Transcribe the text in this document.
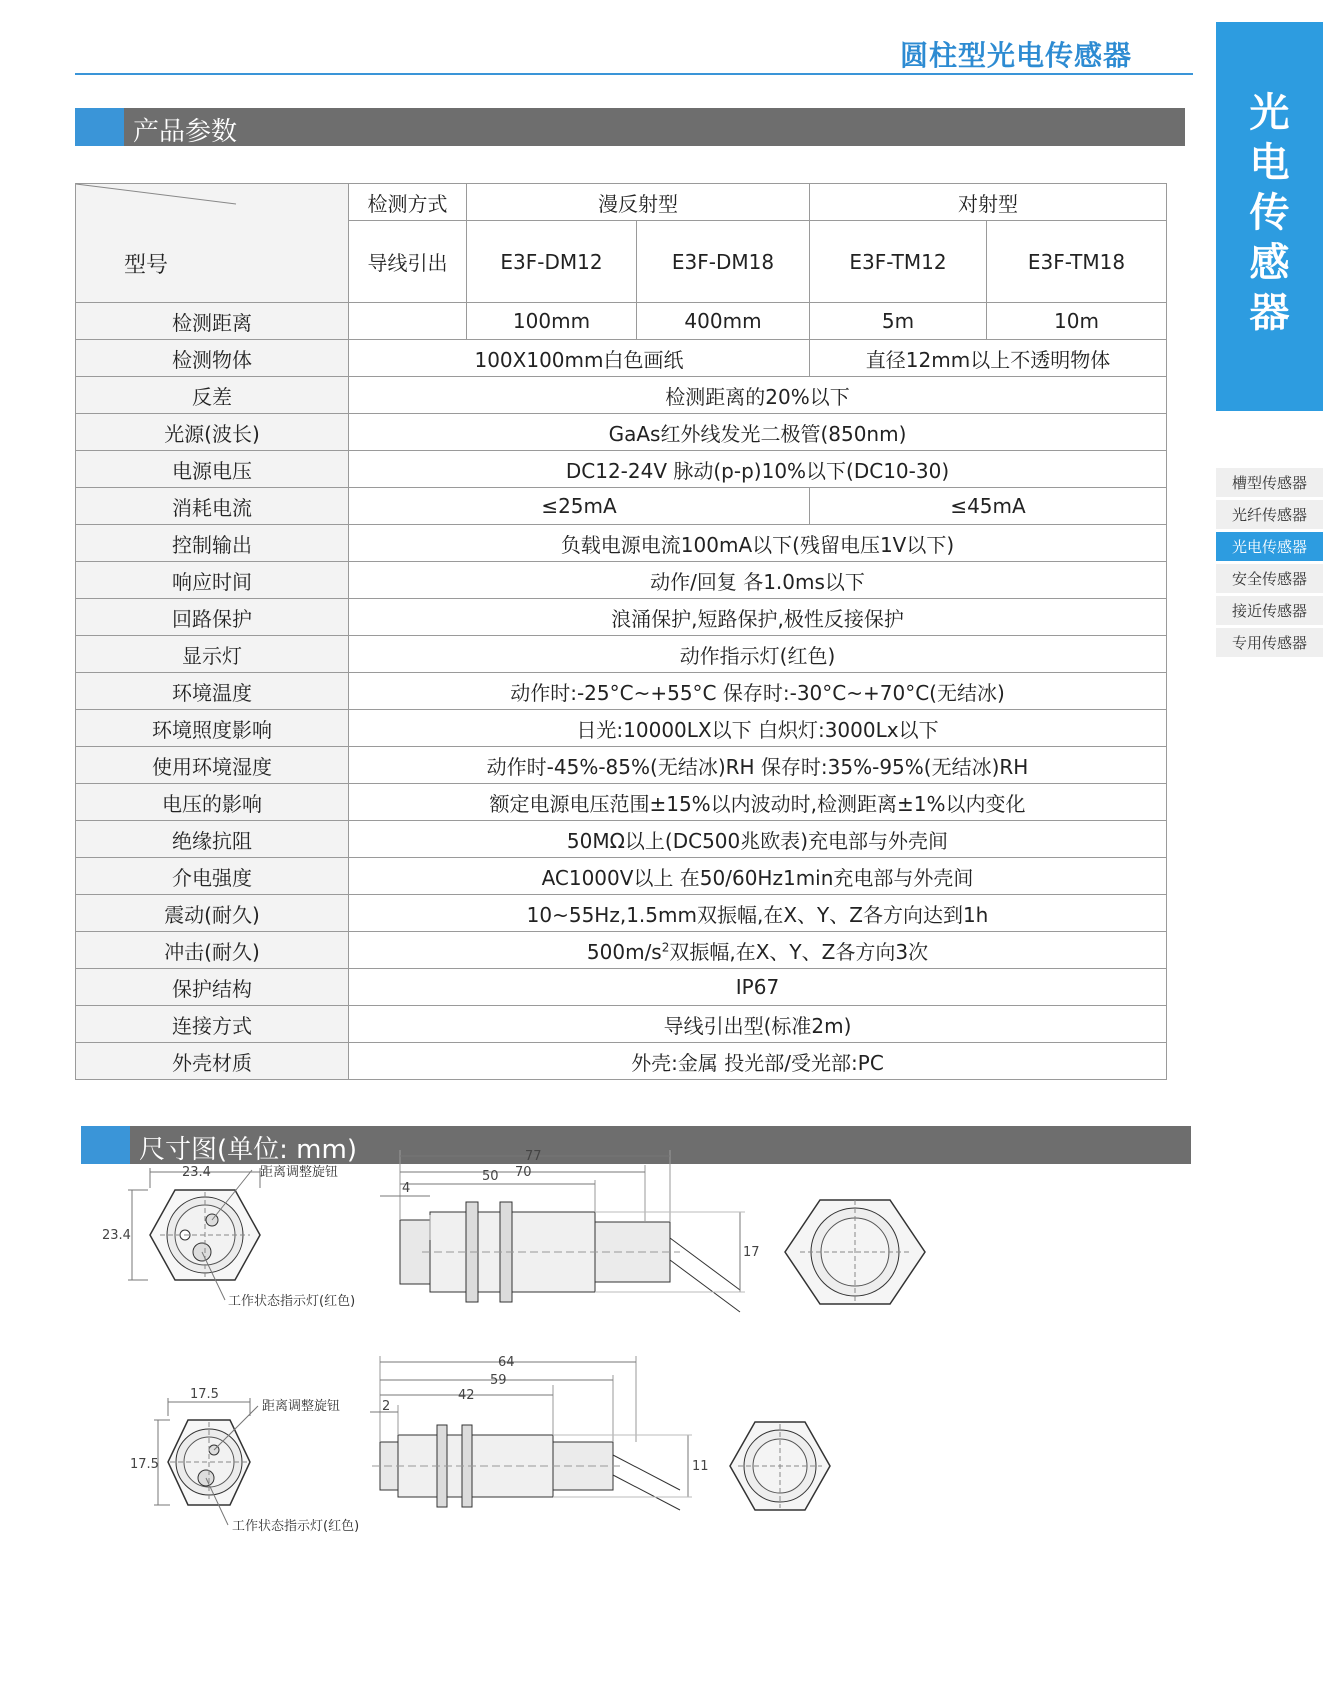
圆柱型光电传感器
光
电
传
感
器
槽型传感器
光纤传感器
光电传感器
安全传感器
接近传感器
专用传感器
产品参数
型号	检测方式	漫反射型		对射型	
	导线引出	E3F-DM12	E3F-DM18	E3F-TM12	E3F-TM18
检测距离		100mm	400mm	5m	10m
检测物体	100X100mm白色画纸			直径12mm以上不透明物体	
反差	检测距离的20%以下				
光源(波长)	GaAs红外线发光二极管(850nm)				
电源电压	DC12-24V 脉动(p-p)10%以下(DC10-30)				
消耗电流	≤25mA			≤45mA	
控制输出	负载电源电流100mA以下(残留电压1V以下)				
响应时间	动作/回复 各1.0ms以下				
回路保护	浪涌保护,短路保护,极性反接保护				
显示灯	动作指示灯(红色)				
环境温度	动作时:-25°C~+55°C 保存时:-30°C~+70°C(无结冰)				
环境照度影响	日光:10000LX以下 白炽灯:3000Lx以下				
使用环境湿度	动作时-45%-85%(无结冰)RH 保存时:35%-95%(无结冰)RH				
电压的影响	额定电源电压范围±15%以内波动时,检测距离±1%以内变化				
绝缘抗阻	50MΩ以上(DC500兆欧表)充电部与外壳间				
介电强度	AC1000V以上 在50/60Hz1min充电部与外壳间				
震动(耐久)	10~55Hz,1.5mm双振幅,在X、Y、Z各方向达到1h				
冲击(耐久)	$500m/s^2$双振幅,在X、Y、Z各方向3次				
保护结构	IP67				
连接方式	导线引出型(标准2m)				
外壳材质	外壳:金属 投光部/受光部:PC				
尺寸图(单位: mm)
23.4
23.4
距离调整旋钮
工作状态指示灯(红色)
77
70
50
4
17
17.5
17.5
距离调整旋钮
工作状态指示灯(红色)
64
59
42
2
11
